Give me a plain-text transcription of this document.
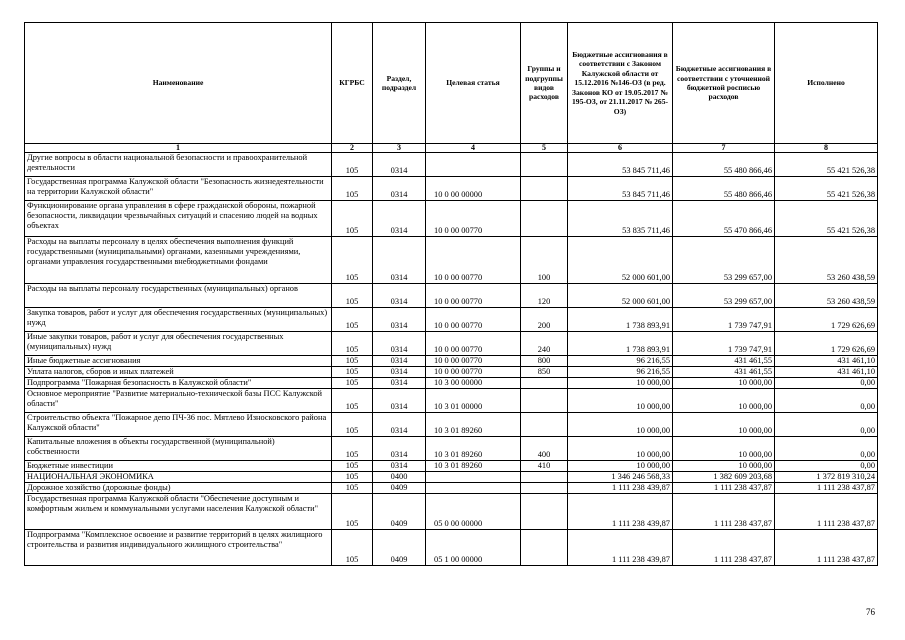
Наименование	КГРБС	Раздел, подраздел	Целевая статья	Группы и подгруппы видов расходов	Бюджетные ассигнования в соответствии с Законом Калужской области от 15.12.2016 №146-ОЗ (в ред. Законов КО от 19.05.2017 № 195-ОЗ, от 21.11.2017 № 265-ОЗ)	Бюджетные ассигнования в соответствии с уточненной бюджетной росписью расходов	Исполнено
1	2	3	4	5	6	7	8
Другие вопросы в области национальной безопасности и правоохранительной деятельности	105	0314			53 845 711,46	55 480 866,46	55 421 526,38
Государственная программа Калужской области "Безопасность жизнедеятельности на территории Калужской области"	105	0314	10 0 00 00000		53 845 711,46	55 480 866,46	55 421 526,38
Функционирование органа управления в сфере гражданской обороны, пожарной безопасности, ликвидации чрезвычайных ситуаций и спасению людей на водных объектах	105	0314	10 0 00 00770		53 835 711,46	55 470 866,46	55 421 526,38
Расходы на выплаты персоналу в целях обеспечения выполнения функций государственными (муниципальными) органами, казенными учреждениями, органами управления государственными внебюджетными фондами	105	0314	10 0 00 00770	100	52 000 601,00	53 299 657,00	53 260 438,59
Расходы на выплаты персоналу государственных (муниципальных) органов	105	0314	10 0 00 00770	120	52 000 601,00	53 299 657,00	53 260 438,59
Закупка товаров, работ и услуг для обеспечения государственных (муниципальных) нужд	105	0314	10 0 00 00770	200	1 738 893,91	1 739 747,91	1 729 626,69
Иные закупки товаров, работ и услуг для обеспечения государственных (муниципальных) нужд	105	0314	10 0 00 00770	240	1 738 893,91	1 739 747,91	1 729 626,69
Иные бюджетные ассигнования	105	0314	10 0 00 00770	800	96 216,55	431 461,55	431 461,10
Уплата налогов, сборов и иных платежей	105	0314	10 0 00 00770	850	96 216,55	431 461,55	431 461,10
Подпрограмма "Пожарная безопасность в Калужской области"	105	0314	10 3 00 00000		10 000,00	10 000,00	0,00
Основное мероприятие "Развитие материально-технической базы ПСС Калужской области"	105	0314	10 3 01 00000		10 000,00	10 000,00	0,00
Строительство объекта "Пожарное депо ПЧ-36 пос. Мятлево Износковского района Калужской области"	105	0314	10 3 01 89260		10 000,00	10 000,00	0,00
Капитальные вложения в объекты государственной (муниципальной) собственности	105	0314	10 3 01 89260	400	10 000,00	10 000,00	0,00
Бюджетные инвестиции	105	0314	10 3 01 89260	410	10 000,00	10 000,00	0,00
НАЦИОНАЛЬНАЯ ЭКОНОМИКА	105	0400			1 346 246 568,33	1 382 609 203,68	1 372 819 310,24
Дорожное хозяйство (дорожные фонды)	105	0409			1 111 238 439,87	1 111 238 437,87	1 111 238 437,87
Государственная программа Калужской области "Обеспечение доступным и комфортным жильем и коммунальными услугами населения Калужской области"	105	0409	05 0 00 00000		1 111 238 439,87	1 111 238 437,87	1 111 238 437,87
Подпрограмма "Комплексное освоение и развитие территорий в целях жилищного строительства и развития индивидуального жилищного строительства"	105	0409	05 1 00 00000		1 111 238 439,87	1 111 238 437,87	1 111 238 437,87
76
